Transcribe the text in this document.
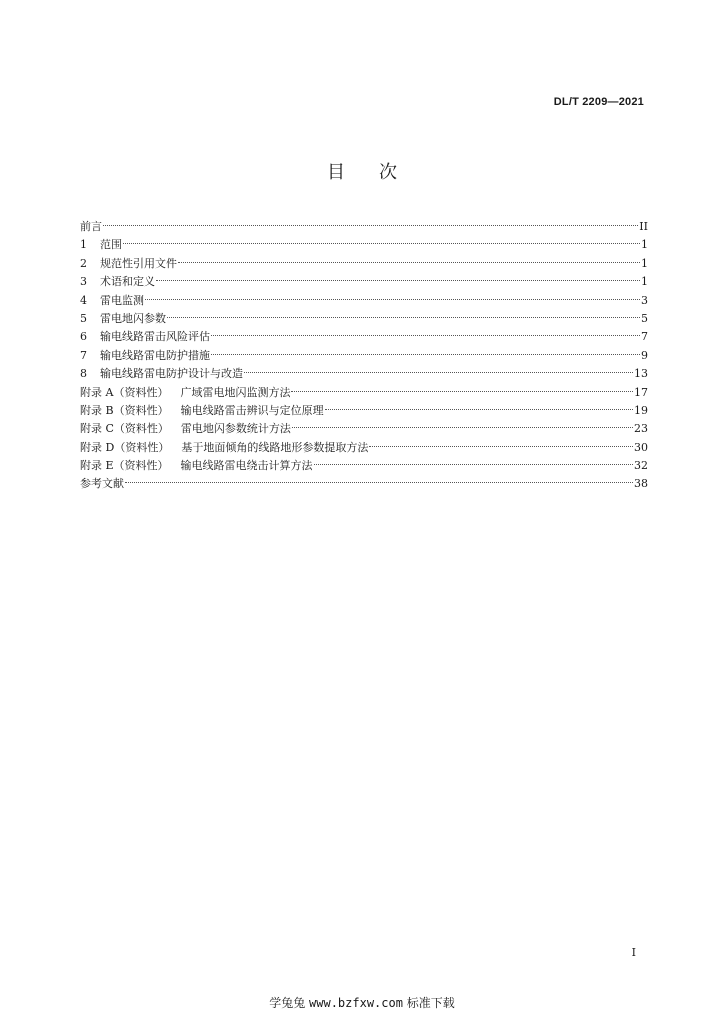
DL/T 2209—2021
目 次
前言	II
1	范围	1
2	规范性引用文件	1
3	术语和定义	1
4	雷电监测	3
5	雷电地闪参数	5
6	输电线路雷击风险评估	7
7	输电线路雷电防护措施	9
8	输电线路雷电防护设计与改造	13
附录 A（资料性）	广域雷电地闪监测方法	17
附录 B（资料性）	输电线路雷击辨识与定位原理	19
附录 C（资料性）	雷电地闪参数统计方法	23
附录 D（资料性）	基于地面倾角的线路地形参数提取方法	30
附录 E（资料性）	输电线路雷电绕击计算方法	32
参考文献	38
I
学兔兔 www.bzfxw.com 标准下载
